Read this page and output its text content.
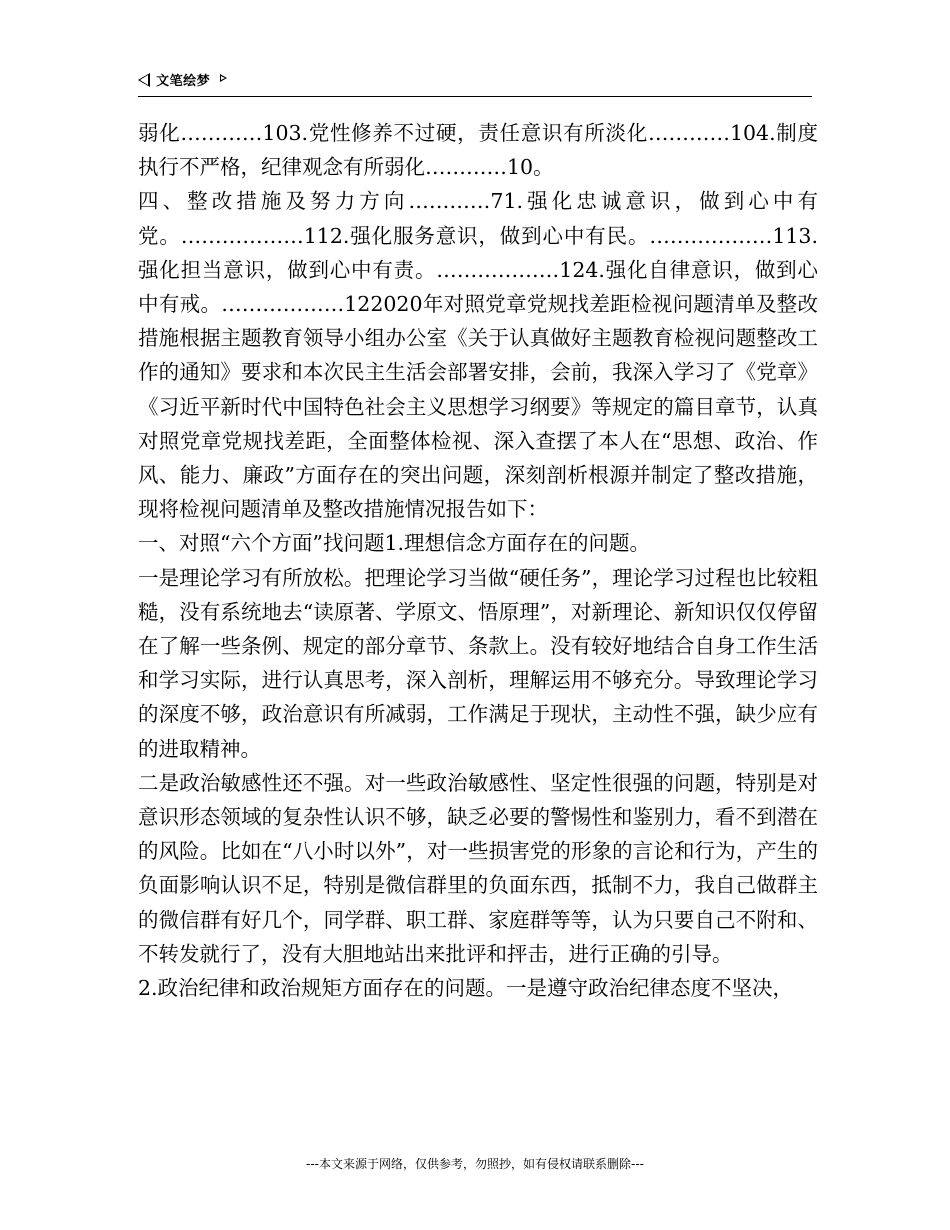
文笔绘梦

弱化…………103.党性修养不过硬，责任意识有所淡化…………104.制度执行不严格，纪律观念有所弱化…………10。

四、整改措施及努力方向…………71.强化忠诚意识，做到心中有党。………………112.强化服务意识，做到心中有民。………………113.强化担当意识，做到心中有责。………………124.强化自律意识，做到心中有戒。………………122020年对照党章党规找差距检视问题清单及整改措施根据主题教育领导小组办公室《关于认真做好主题教育检视问题整改工作的通知》要求和本次民主生活会部署安排，会前，我深入学习了《党章》《习近平新时代中国特色社会主义思想学习纲要》等规定的篇目章节，认真对照党章党规找差距，全面整体检视、深入查摆了本人在“思想、政治、作风、能力、廉政”方面存在的突出问题，深刻剖析根源并制定了整改措施，现将检视问题清单及整改措施情况报告如下：

一、对照“六个方面”找问题1.理想信念方面存在的问题。

一是理论学习有所放松。把理论学习当做“硬任务”，理论学习过程也比较粗糙，没有系统地去“读原著、学原文、悟原理”，对新理论、新知识仅仅停留在了解一些条例、规定的部分章节、条款上。没有较好地结合自身工作生活和学习实际，进行认真思考，深入剖析，理解运用不够充分。导致理论学习的深度不够，政治意识有所减弱，工作满足于现状，主动性不强，缺少应有的进取精神。

二是政治敏感性还不强。对一些政治敏感性、坚定性很强的问题，特别是对意识形态领域的复杂性认识不够，缺乏必要的警惕性和鉴别力，看不到潜在的风险。比如在“八小时以外”，对一些损害党的形象的言论和行为，产生的负面影响认识不足，特别是微信群里的负面东西，抵制不力，我自己做群主的微信群有好几个，同学群、职工群、家庭群等等，认为只要自己不附和、不转发就行了，没有大胆地站出来批评和抨击，进行正确的引导。

2.政治纪律和政治规矩方面存在的问题。一是遵守政治纪律态度不坚决，

---本文来源于网络，仅供参考，勿照抄，如有侵权请联系删除---
